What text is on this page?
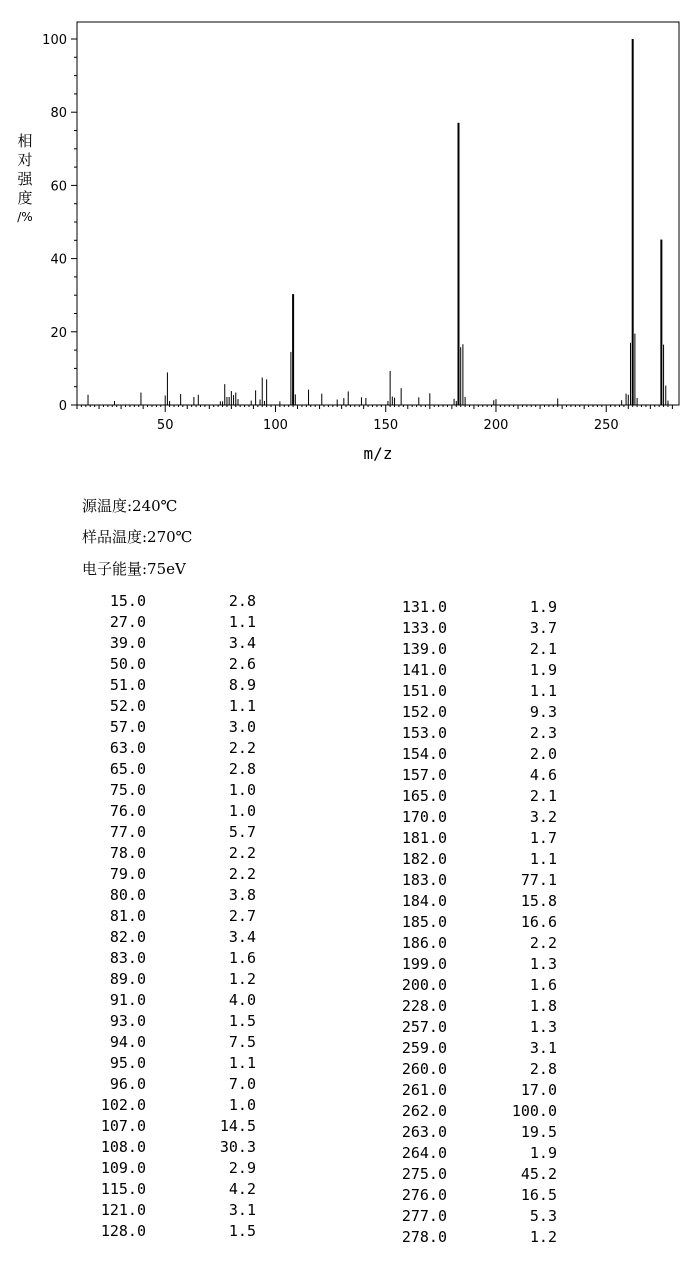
0
20
40
60
80
100
50	100	150	200	250
m/z
相
对
强
度
/%
源温度:240℃
样品温度:270℃
电子能量:75eV
15.0	2.8
27.0	1.1
39.0	3.4
50.0	2.6
51.0	8.9
52.0	1.1
57.0	3.0
63.0	2.2
65.0	2.8
75.0	1.0
76.0	1.0
77.0	5.7
78.0	2.2
79.0	2.2
80.0	3.8
81.0	2.7
82.0	3.4
83.0	1.6
89.0	1.2
91.0	4.0
93.0	1.5
94.0	7.5
95.0	1.1
96.0	7.0
102.0	1.0
107.0	14.5
108.0	30.3
109.0	2.9
115.0	4.2
121.0	3.1
128.0	1.5
131.0	1.9
133.0	3.7
139.0	2.1
141.0	1.9
151.0	1.1
152.0	9.3
153.0	2.3
154.0	2.0
157.0	4.6
165.0	2.1
170.0	3.2
181.0	1.7
182.0	1.1
183.0	77.1
184.0	15.8
185.0	16.6
186.0	2.2
199.0	1.3
200.0	1.6
228.0	1.8
257.0	1.3
259.0	3.1
260.0	2.8
261.0	17.0
262.0	100.0
263.0	19.5
264.0	1.9
275.0	45.2
276.0	16.5
277.0	5.3
278.0	1.2
